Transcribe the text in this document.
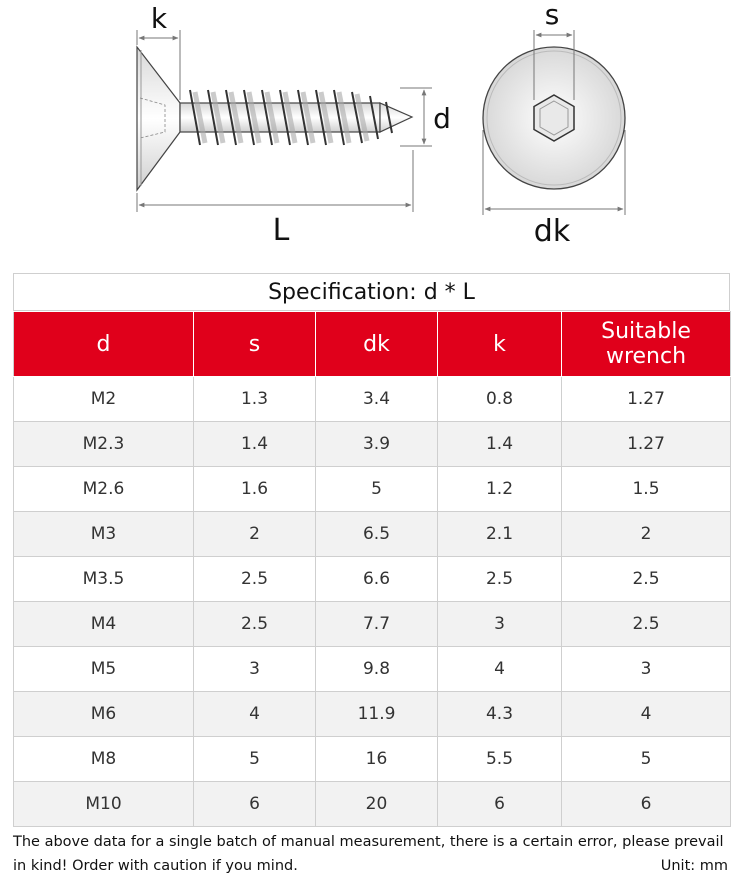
k
d
L
s
dk
Specification: d * L
d	s	dk	k	Suitable wrench
M2	1.3	3.4	0.8	1.27
M2.3	1.4	3.9	1.4	1.27
M2.6	1.6	5	1.2	1.5
M3	2	6.5	2.1	2
M3.5	2.5	6.6	2.5	2.5
M4	2.5	7.7	3	2.5
M5	3	9.8	4	3
M6	4	11.9	4.3	4
M8	5	16	5.5	5
M10	6	20	6	6
The above data for a single batch of manual measurement, there is a certain error, please prevail in kind! Order with caution if you mind.	Unit: mm
